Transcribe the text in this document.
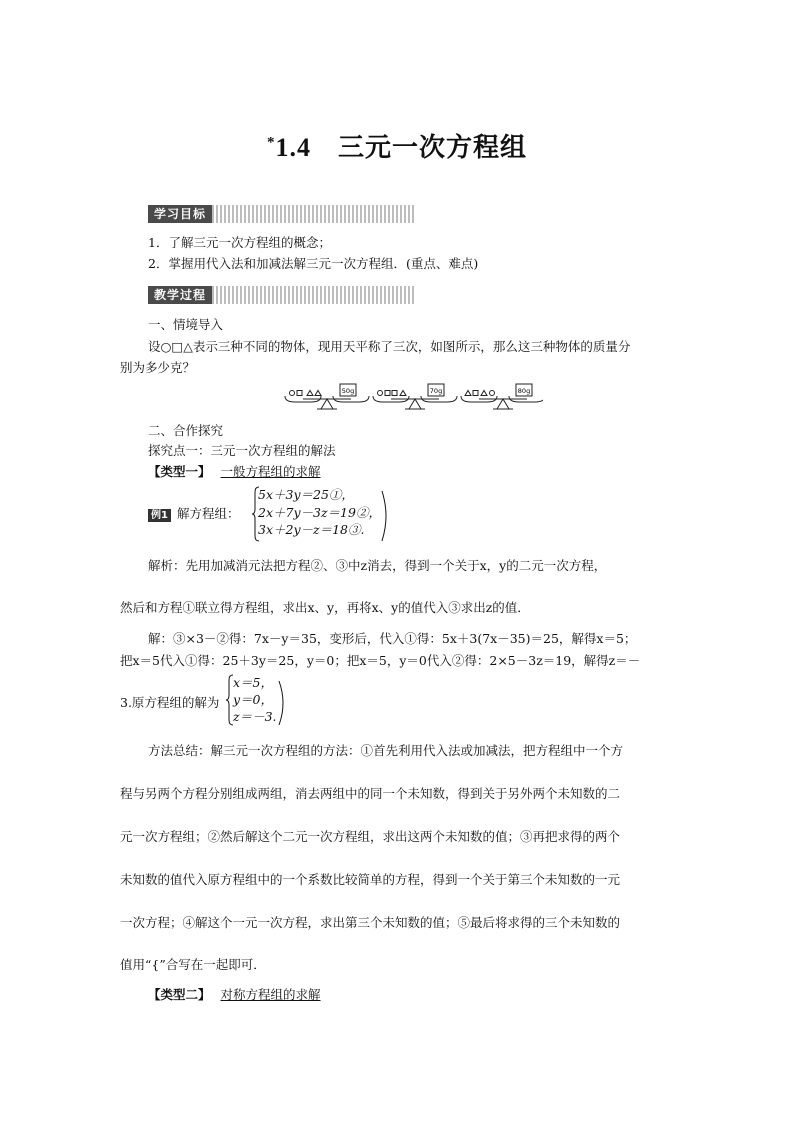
*1.4　三元一次方程组
学习目标
1．了解三元一次方程组的概念；
2．掌握用代入法和加减法解三元一次方程组．(重点、难点)
教学过程
一、情境导入
设○□△表示三种不同的物体，现用天平称了三次，如图所示，那么这三种物体的质量分
别为多少克？
50g	70g	80g
二、合作探究
探究点一：三元一次方程组的解法
【类型一】 一般方程组的求解
例1 解方程组：
5x＋3y＝25①，
2x＋7y－3z＝19②，
3x＋2y－z＝18③.
解析：先用加减消元法把方程②、③中z消去，得到一个关于x，y的二元一次方程，
然后和方程①联立得方程组，求出x、y，再将x、y的值代入③求出z的值．
解：③×3－②得：7x－y＝35，变形后，代入①得：5x＋3(7x－35)＝25，解得x＝5；
把x＝5代入①得：25＋3y＝25，y＝0；把x＝5，y＝0代入②得：2×5－3z＝19，解得z＝－
3.原方程组的解为
x＝5，
y＝0，
z＝－3.
方法总结：解三元一次方程组的方法：①首先利用代入法或加减法，把方程组中一个方
程与另两个方程分别组成两组，消去两组中的同一个未知数，得到关于另外两个未知数的二
元一次方程组；②然后解这个二元一次方程组，求出这两个未知数的值；③再把求得的两个
未知数的值代入原方程组中的一个系数比较简单的方程，得到一个关于第三个未知数的一元
一次方程；④解这个一元一次方程，求出第三个未知数的值；⑤最后将求得的三个未知数的
值用“{”合写在一起即可．
【类型二】 对称方程组的求解
